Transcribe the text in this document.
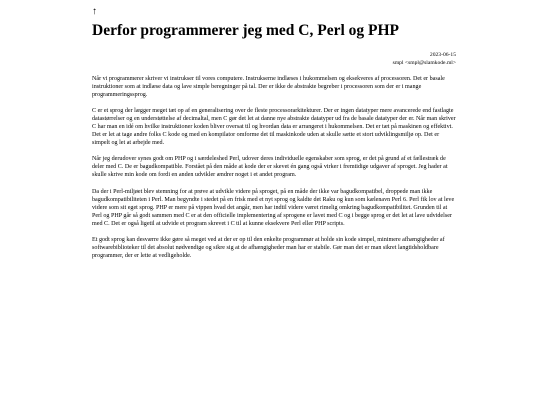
↑
Derfor programmerer jeg med C, Perl og PHP
2023-06-15
smpl <smpl@slamkode.ml>

Når vi programmerer skriver vi instrukser til vores computere. Instrukserne indlæses i hukommelsen og eksekveres af processoren. Det er basale instruktioner som at indlæse data og lave simple beregninger på tal. Der er ikke de abstrakte begreber i processoren som der er i mange programmeringssprog.

C er et sprog der lægger meget tæt op af en generalisering over de fleste processorarkitekturer. Der er ingen datatyper mere avancerede end fastlagte datastørrelser og en understøttelse af decimaltal, men C gør det let at danne nye abstrakte datatyper ud fra de basale datatyper der er. Når man skriver C har man en idé om hvilke instruktioner koden bliver oversat til og hvordan data er arrangeret i hukommelsen. Det er tæt på maskinen og effektivt. Det er let at tage andre folks C kode og med en kompilator omforme det til maskinkode uden at skulle sætte et stort udviklingsmiljø op. Det er simpelt og let at arbejde med.

Når jeg derudover synes godt om PHP og i særdeleshed Perl, udover deres individuelle egenskaber som sprog, er det på grund af et fællestræk de deler med C. De er bagudkompatible. Forstået på den måde at kode der er skevet én gang også virker i fremtidige udgaver af sproget. Jeg hader at skulle skrive min kode om fordi en anden udvikler ændrer noget i et andet program.

Da der i Perl-miljøet blev stemning for at prøve at udvikle videre på sproget, på en måde der ikke var bagudkompatibel, droppede man ikke bagudkompatibiliteten i Perl. Man begyndte i stedet på en frisk med et nyt sprog og kaldte det Raku og kun som kælenavn Perl 6. Perl fik lov at leve videre som sit eget sprog. PHP er mere på vippen hvad det angår, men har indtil videre været rimelig omkring bagudkompatibilitet. Grunden til at Perl og PHP går så godt sammen med C er at den officielle implementering af sprogene er lavet med C og i begge sprog er det let at lave udvidelser med C. Det er også ligetil at udvide et program skrevet i C til at kunne eksekvere Perl eller PHP scripts.

Et godt sprog kan desværre ikke gøre så meget ved at der er op til den enkelte programmør at holde sin kode simpel, minimere afhængigheder af softwarebiblioteker til det absolut nødvendige og sikre sig at de afhængigheder man har er stabile. Gør man det er man sikret langtidsholdbare programmer, der er lette at vedligeholde.
